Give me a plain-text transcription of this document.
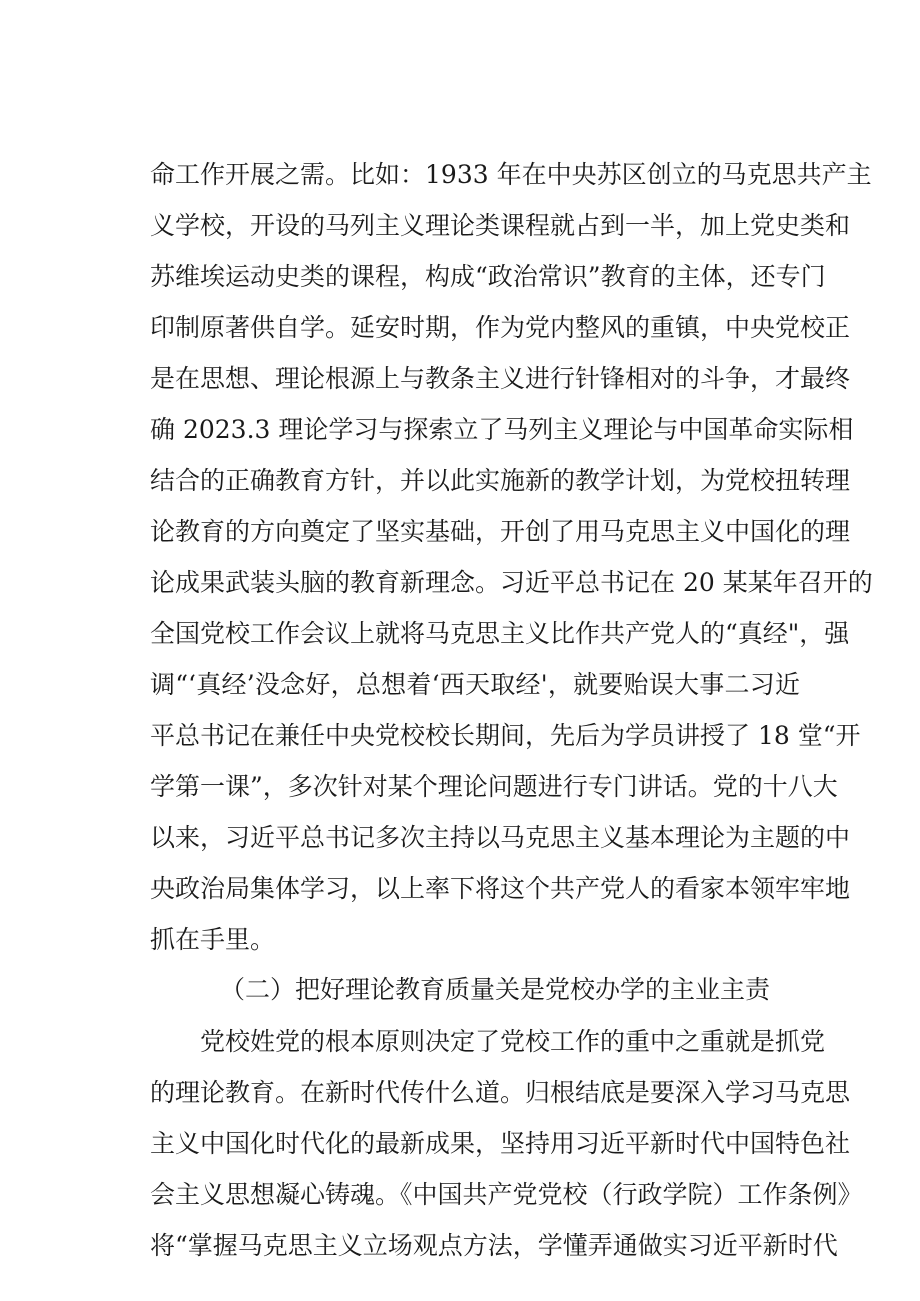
命工作开展之需。比如：1933 年在中央苏区创立的马克思共产主
义学校，开设的马列主义理论类课程就占到一半，加上党史类和
苏维埃运动史类的课程，构成“政治常识”教育的主体，还专门
印制原著供自学。延安时期，作为党内整风的重镇，中央党校正
是在思想、理论根源上与教条主义进行针锋相对的斗争，才最终
确 2023.3 理论学习与探索立了马列主义理论与中国革命实际相
结合的正确教育方针，并以此实施新的教学计划，为党校扭转理
论教育的方向奠定了坚实基础，开创了用马克思主义中国化的理
论成果武装头脑的教育新理念。习近平总书记在 20 某某年召开的
全国党校工作会议上就将马克思主义比作共产党人的“真经"，强
调“‘真经’没念好，总想着‘西天取经'，就要贻误大事二习近
平总书记在兼任中央党校校长期间，先后为学员讲授了 18 堂“开
学第一课”，多次针对某个理论问题进行专门讲话。党的十八大
以来，习近平总书记多次主持以马克思主义基本理论为主题的中
央政治局集体学习，以上率下将这个共产党人的看家本领牢牢地
抓在手里。
（二）把好理论教育质量关是党校办学的主业主责
党校姓党的根本原则决定了党校工作的重中之重就是抓党
的理论教育。在新时代传什么道。归根结底是要深入学习马克思
主义中国化时代化的最新成果，坚持用习近平新时代中国特色社
会主义思想凝心铸魂。《中国共产党党校（行政学院）工作条例》
将“掌握马克思主义立场观点方法，学懂弄通做实习近平新时代
